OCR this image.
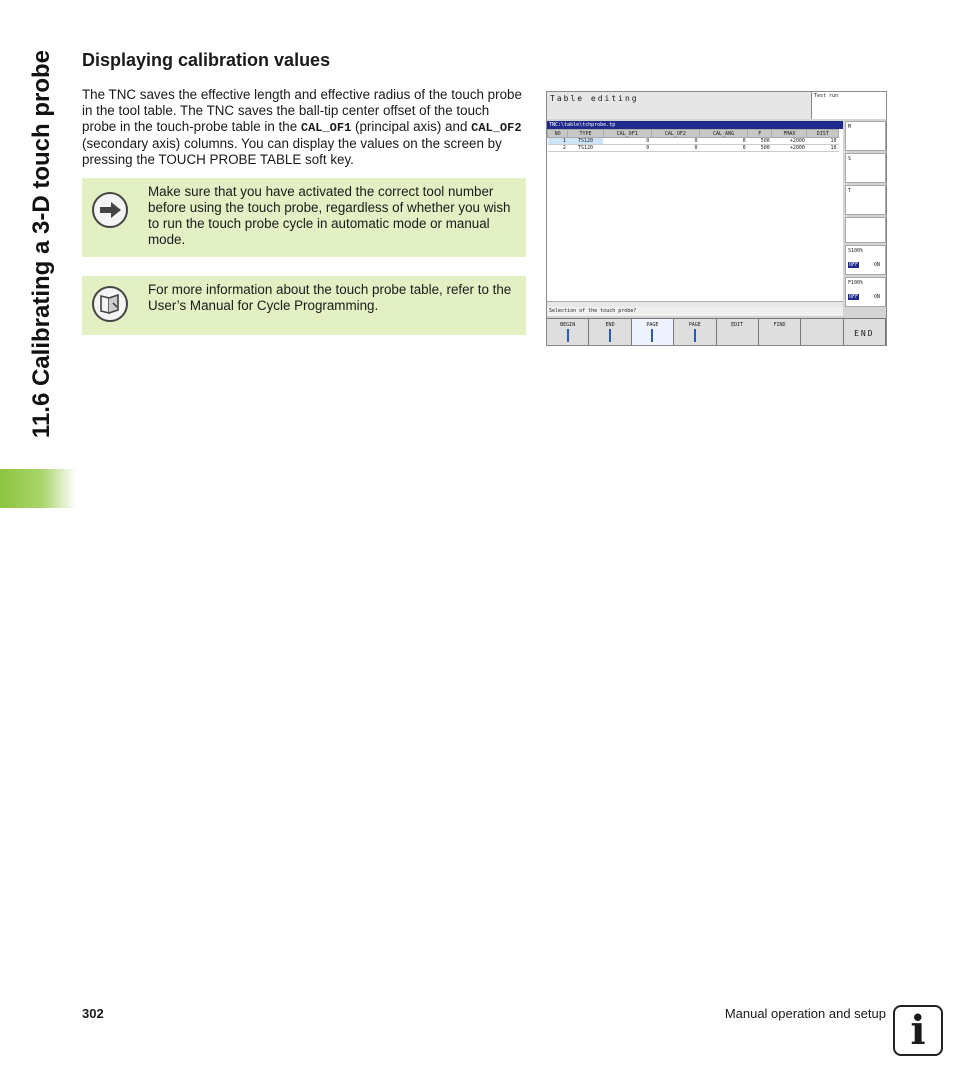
11.6 Calibrating a 3-D touch probe	Displaying calibration values

The TNC saves the effective length and effective radius of the touch probe in the tool table. The TNC saves the ball-tip center offset of the touch probe in the touch-probe table in the CAL_OF1 (principal axis) and CAL_OF2 (secondary axis) columns. You can display the values on the screen by pressing the TOUCH PROBE TABLE soft key.

Make sure that you have activated the correct tool number before using the touch probe, regardless of whether you wish to run the touch probe cycle in automatic mode or manual mode.

For more information about the touch probe table, refer to the User’s Manual for Cycle Programming.

Table editing	Test run
TNC:\table\tchprobe.tp
NO	TYPE	CAL_OF1	CAL_OF2	CAL_ANG	F	FMAX	DIST
1	TS120	0	0	0	500	+2000	10
2	TS120	0	0	0	500	+2000	10
Selection of the touch probe?
M
S
T
S100%
OFF	ON
F100%
OFF	ON
BEGIN	END	PAGE	PAGE	EDIT	FIND
END

302	Manual operation and setup i
